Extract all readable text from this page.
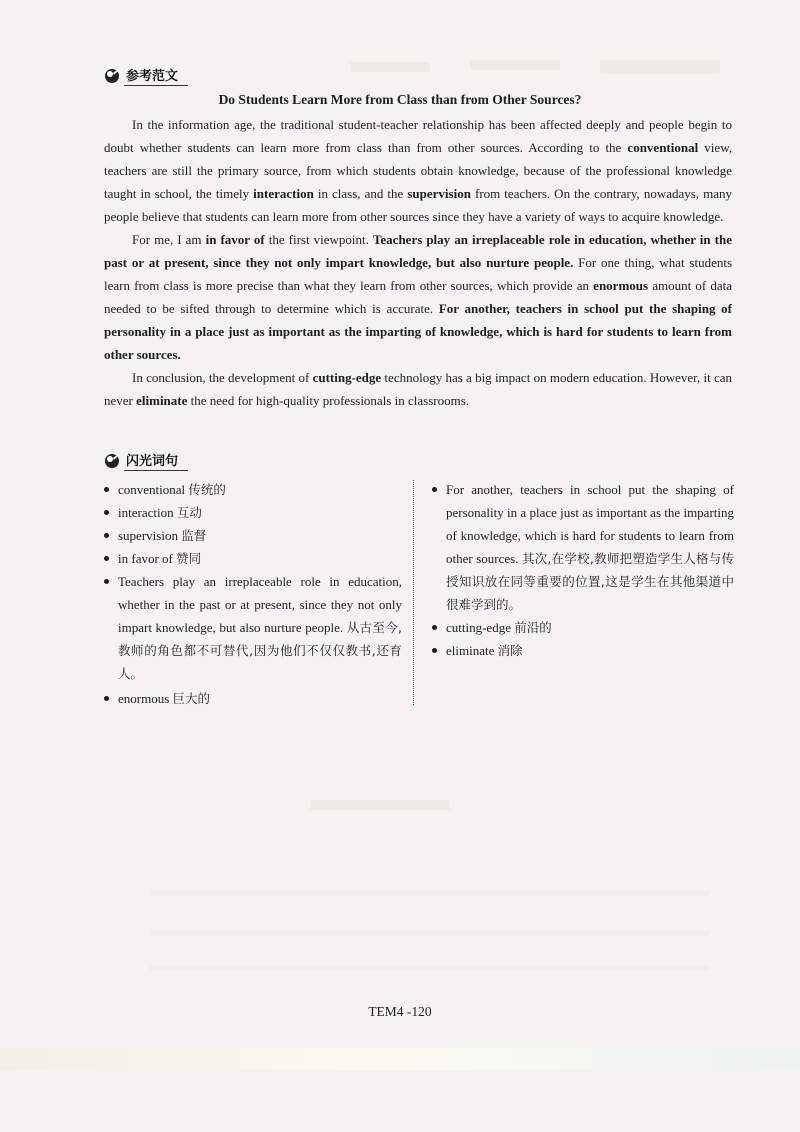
参考范文
Do Students Learn More from Class than from Other Sources?

In the information age, the traditional student-teacher relationship has been affected deeply and people begin to doubt whether students can learn more from class than from other sources. According to the conventional view, teachers are still the primary source, from which students obtain knowledge, because of the professional knowledge taught in school, the timely interaction in class, and the supervision from teachers. On the contrary, nowadays, many people believe that students can learn more from other sources since they have a variety of ways to acquire knowledge.

For me, I am in favor of the first viewpoint. Teachers play an irreplaceable role in education, whether in the past or at present, since they not only impart knowledge, but also nurture people. For one thing, what students learn from class is more precise than what they learn from other sources, which provide an enormous amount of data needed to be sifted through to determine which is accurate. For another, teachers in school put the shaping of personality in a place just as important as the imparting of knowledge, which is hard for students to learn from other sources.

In conclusion, the development of cutting-edge technology has a big impact on modern education. However, it can never eliminate the need for high-quality professionals in classrooms.

闪光词句
conventional 传统的
interaction 互动
supervision 监督
in favor of 赞同
Teachers play an irreplaceable role in education, whether in the past or at present, since they not only impart knowledge, but also nurture people. 从古至今,教师的角色都不可替代,因为他们不仅仅教书,还育人。
enormous 巨大的
For another, teachers in school put the shaping of personality in a place just as important as the imparting of knowledge, which is hard for students to learn from other sources. 其次,在学校,教师把塑造学生人格与传授知识放在同等重要的位置,这是学生在其他渠道中很难学到的。
cutting-edge 前沿的
eliminate 消除
TEM4 -120
